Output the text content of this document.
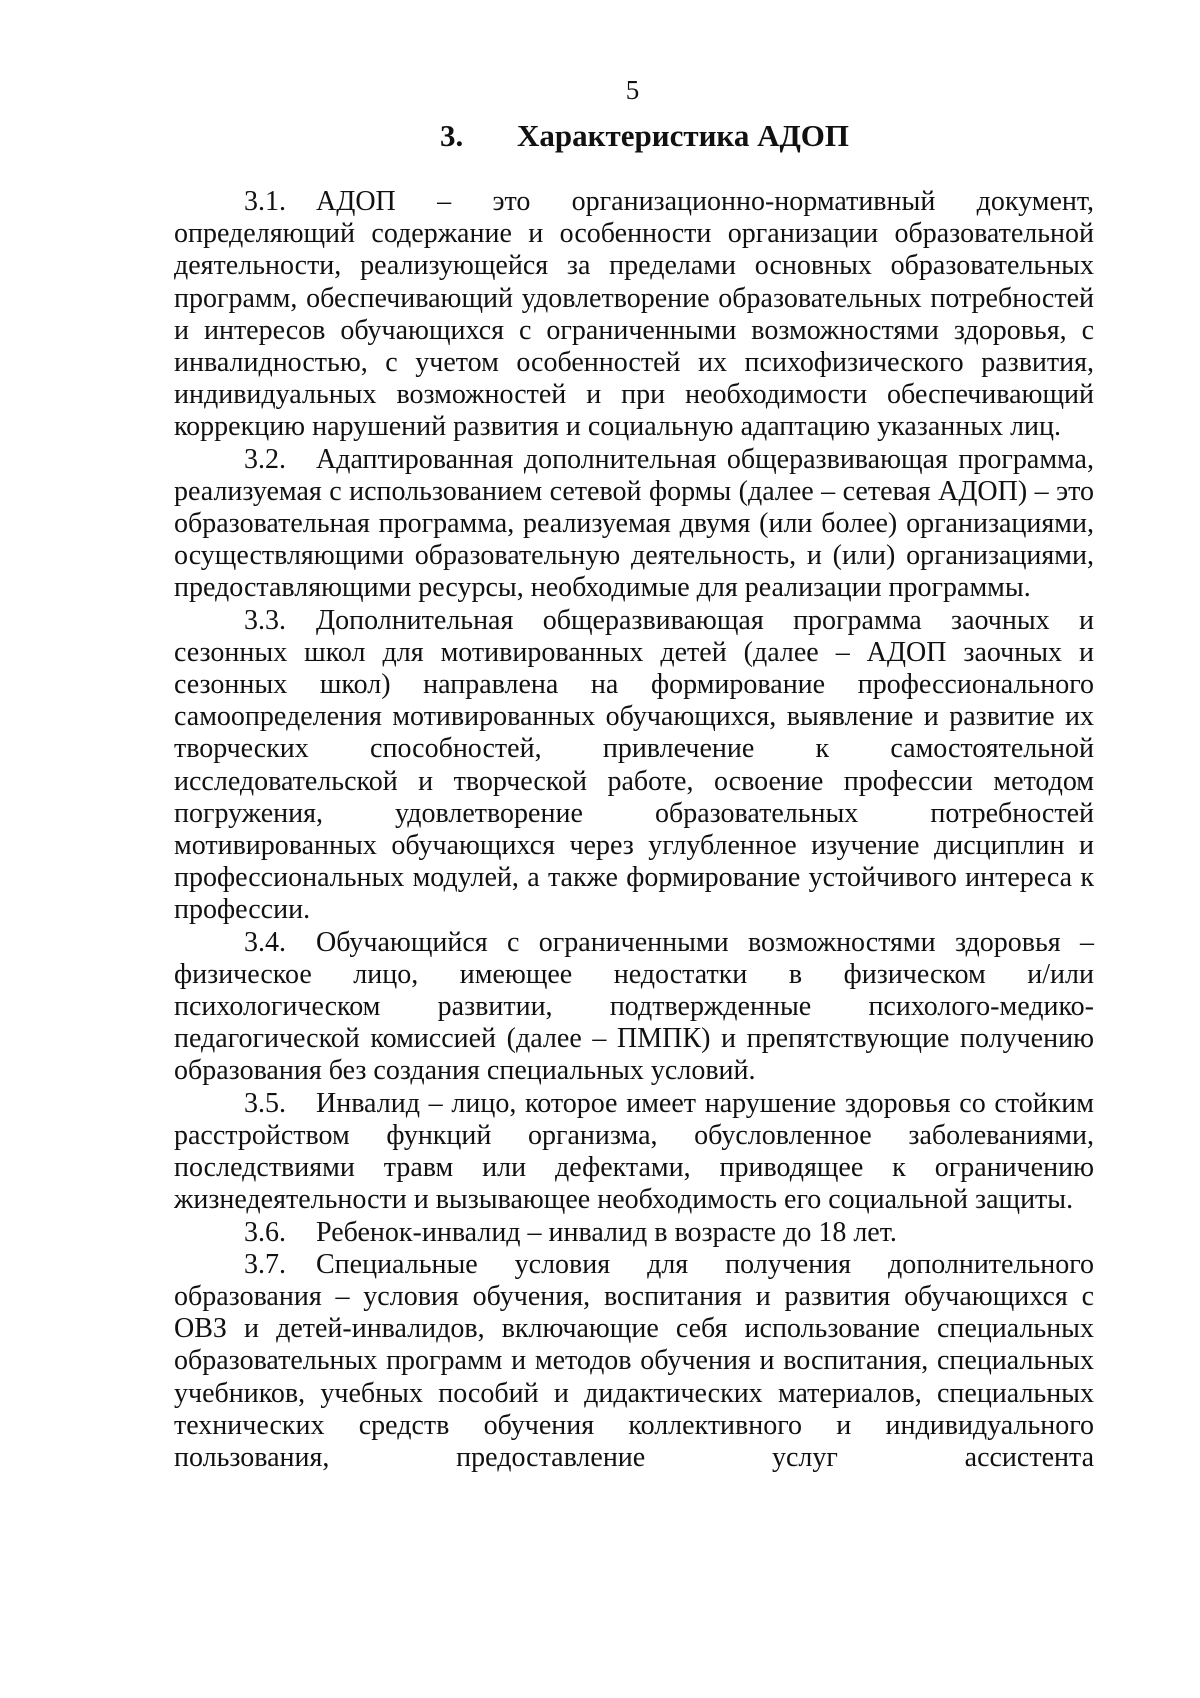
5
3. Характеристика АДОП

3.1. АДОП – это организационно-нормативный документ, определяющий содержание и особенности организации образовательной деятельности, реализующейся за пределами основных образовательных программ, обеспечивающий удовлетворение образовательных потребностей и интересов обучающихся с ограниченными возможностями здоровья, с инвалидностью, с учетом особенностей их психофизического развития, индивидуальных возможностей и при необходимости обеспечивающий коррекцию нарушений развития и социальную адаптацию указанных лиц.

3.2. Адаптированная дополнительная общеразвивающая программа, реализуемая с использованием сетевой формы (далее – сетевая АДОП) – это образовательная программа, реализуемая двумя (или более) организациями, осуществляющими образовательную деятельность, и (или) организациями, предоставляющими ресурсы, необходимые для реализации программы.

3.3. Дополнительная общеразвивающая программа заочных и сезонных школ для мотивированных детей (далее – АДОП заочных и сезонных школ) направлена на формирование профессионального самоопределения мотивированных обучающихся, выявление и развитие их творческих способностей, привлечение к самостоятельной исследовательской и творческой работе, освоение профессии методом погружения, удовлетворение образовательных потребностей мотивированных обучающихся через углубленное изучение дисциплин и профессиональных модулей, а также формирование устойчивого интереса к профессии.

3.4. Обучающийся с ограниченными возможностями здоровья – физическое лицо, имеющее недостатки в физическом и/или психологическом развитии, подтвержденные психолого-медико-педагогической комиссией (далее – ПМПК) и препятствующие получению образования без создания специальных условий.

3.5. Инвалид – лицо, которое имеет нарушение здоровья со стойким расстройством функций организма, обусловленное заболеваниями, последствиями травм или дефектами, приводящее к ограничению жизнедеятельности и вызывающее необходимость его социальной защиты.

3.6. Ребенок-инвалид – инвалид в возрасте до 18 лет.

3.7. Специальные условия для получения дополнительного образования – условия обучения, воспитания и развития обучающихся с ОВЗ и детей-инвалидов, включающие себя использование специальных образовательных программ и методов обучения и воспитания, специальных учебников, учебных пособий и дидактических материалов, специальных технических средств обучения коллективного и индивидуального пользования, предоставление услуг ассистента
